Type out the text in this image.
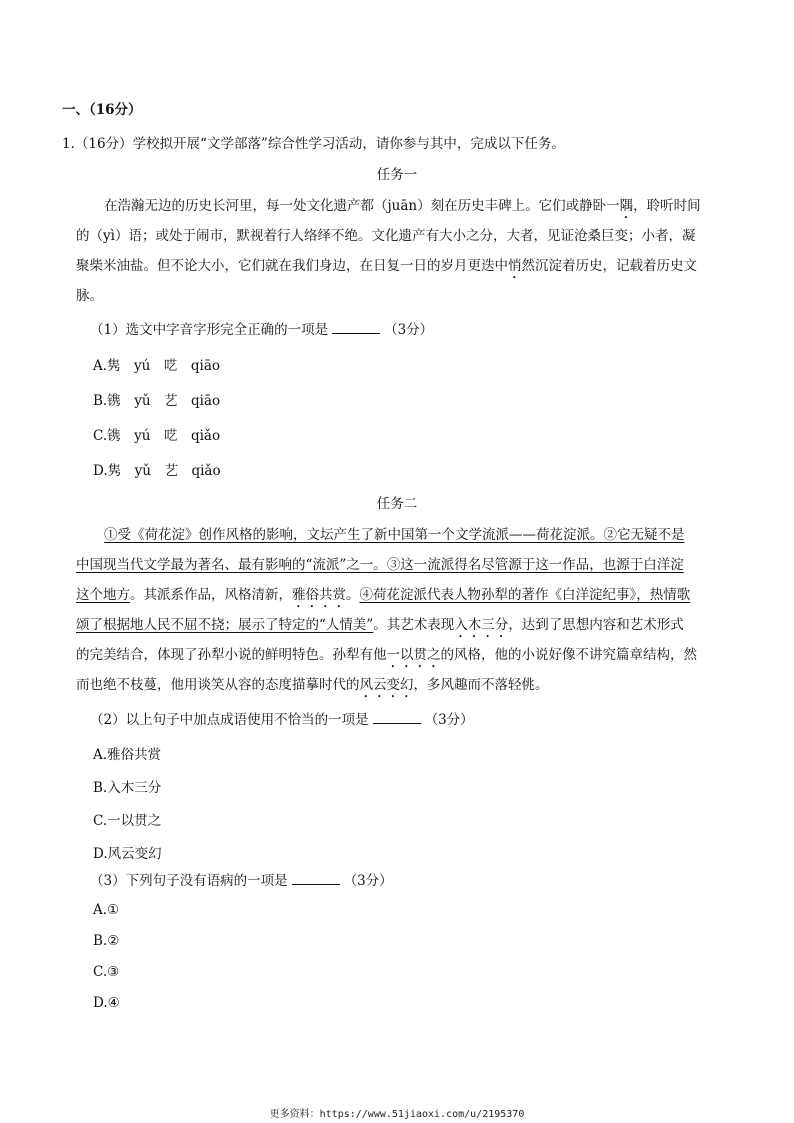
一、（16分）
1.（16分）学校拟开展“文学部落”综合性学习活动，请你参与其中，完成以下任务。
任务一
在浩瀚无边的历史长河里，每一处文化遗产都（juān）刻在历史丰碑上。它们或静卧一隅，聆听时间
的（yì）语；或处于闹市，默视着行人络绎不绝。文化遗产有大小之分，大者，见证沧桑巨变；小者，凝
聚柴米油盐。但不论大小，它们就在我们身边，在日复一日的岁月更迭中悄然沉淀着历史，记载着历史文
脉。
（1）选文中字音字形完全正确的一项是	（3分）
A.隽　yú　呓　qiāo
B.镌　yǔ　艺　qiāo
C.镌　yú　呓　qiǎo
D.隽　yǔ　艺　qiǎo
任务二
①受《荷花淀》创作风格的影响，文坛产生了新中国第一个文学流派——荷花淀派。②它无疑不是
中国现当代文学最为著名、最有影响的“流派”之一。③这一流派得名尽管源于这一作品，也源于白洋淀
这个地方。其派系作品，风格清新，雅俗共赏。④荷花淀派代表人物孙犁的著作《白洋淀纪事》，热情歌
颂了根据地人民不屈不挠；展示了特定的“人情美”。其艺术表现入木三分，达到了思想内容和艺术形式
的完美结合，体现了孙犁小说的鲜明特色。孙犁有他一以贯之的风格，他的小说好像不讲究篇章结构，然
而也绝不枝蔓，他用谈笑从容的态度描摹时代的风云变幻，多风趣而不落轻佻。
（2）以上句子中加点成语使用不恰当的一项是	（3分）
A.雅俗共赏
B.入木三分
C.一以贯之
D.风云变幻
（3）下列句子没有语病的一项是	（3分）
A.①
B.②
C.③
D.④
更多资料：https://www.51jiaoxi.com/u/2195370
